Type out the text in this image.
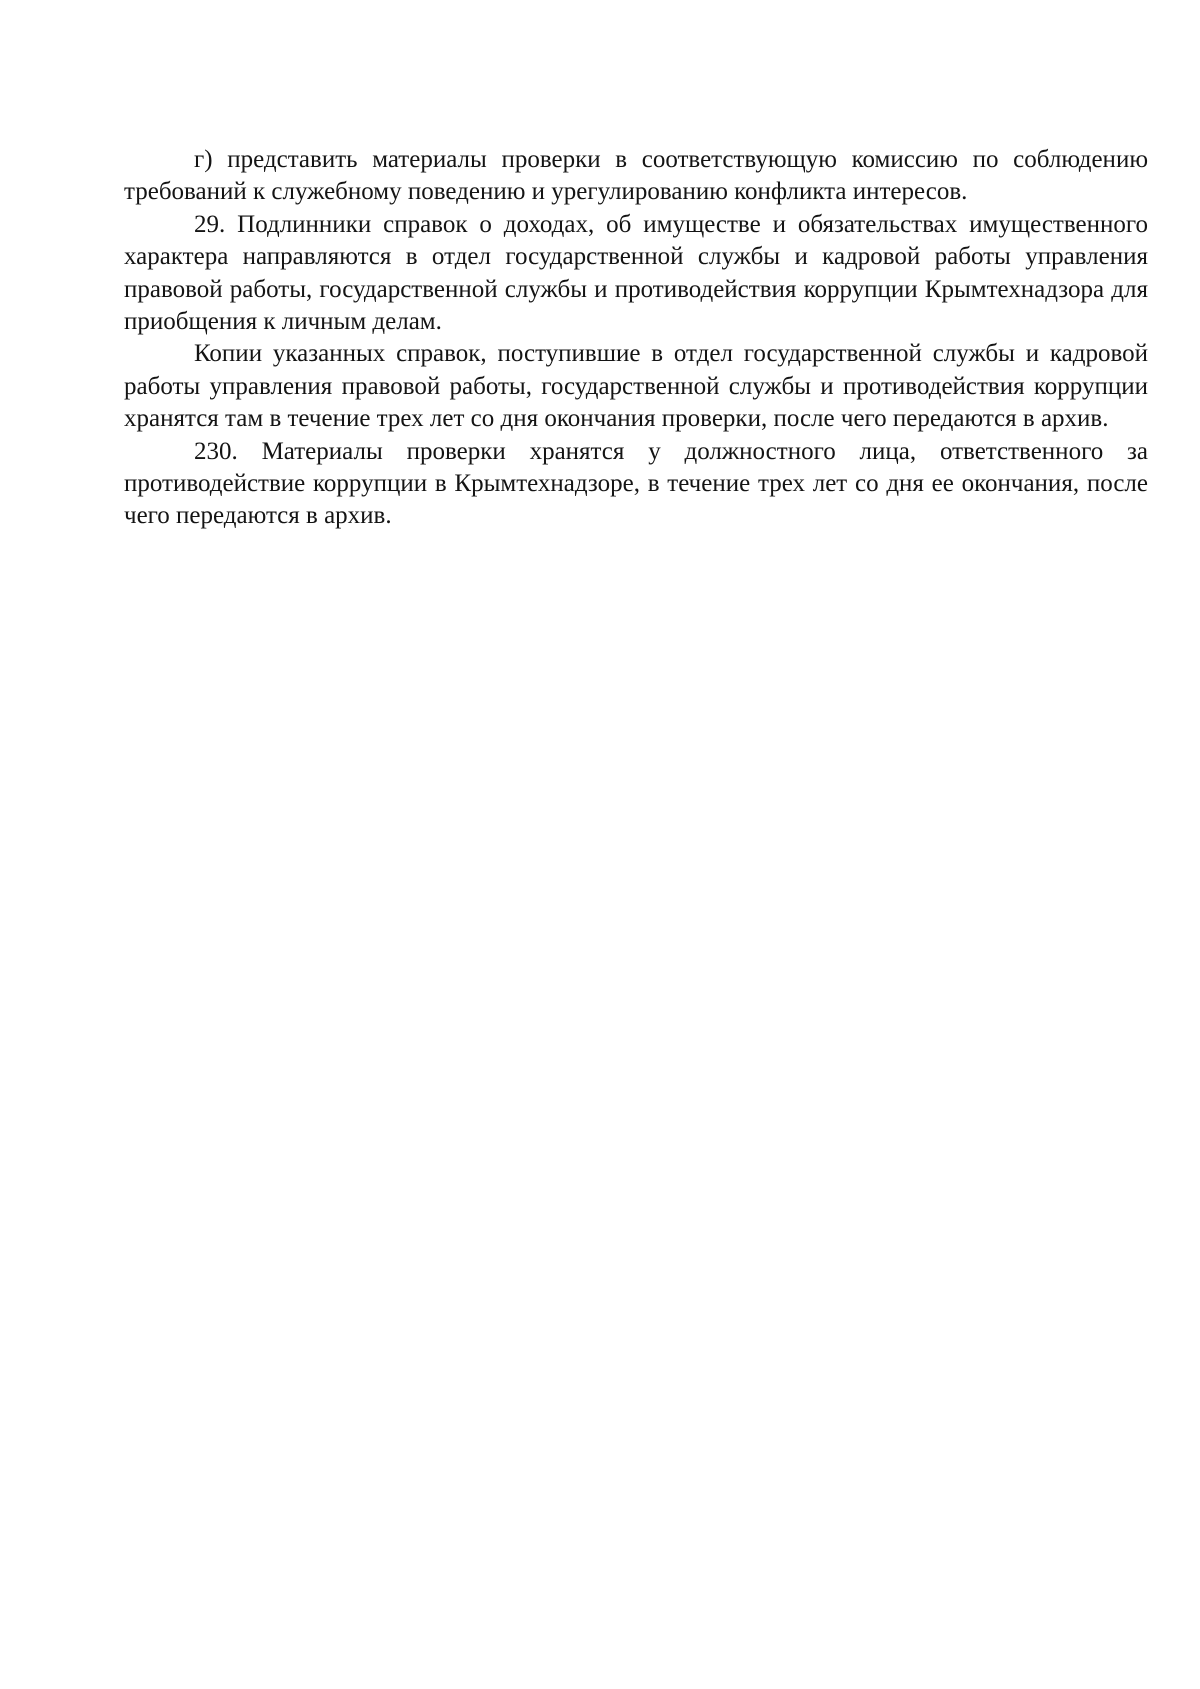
г) представить материалы проверки в соответствующую комиссию по соблюдению требований к служебному поведению и урегулированию конфликта интересов.

29. Подлинники справок о доходах, об имуществе и обязательствах имущественного характера направляются в отдел государственной службы и кадровой работы управления правовой работы, государственной службы и противодействия коррупции Крымтехнадзора для приобщения к личным делам.

Копии указанных справок, поступившие в отдел государственной службы и кадровой работы управления правовой работы, государственной службы и противодействия коррупции хранятся там в течение трех лет со дня окончания проверки, после чего передаются в архив.

230. Материалы проверки хранятся у должностного лица, ответственного за противодействие коррупции в Крымтехнадзоре, в течение трех лет со дня ее окончания, после чего передаются в архив.
